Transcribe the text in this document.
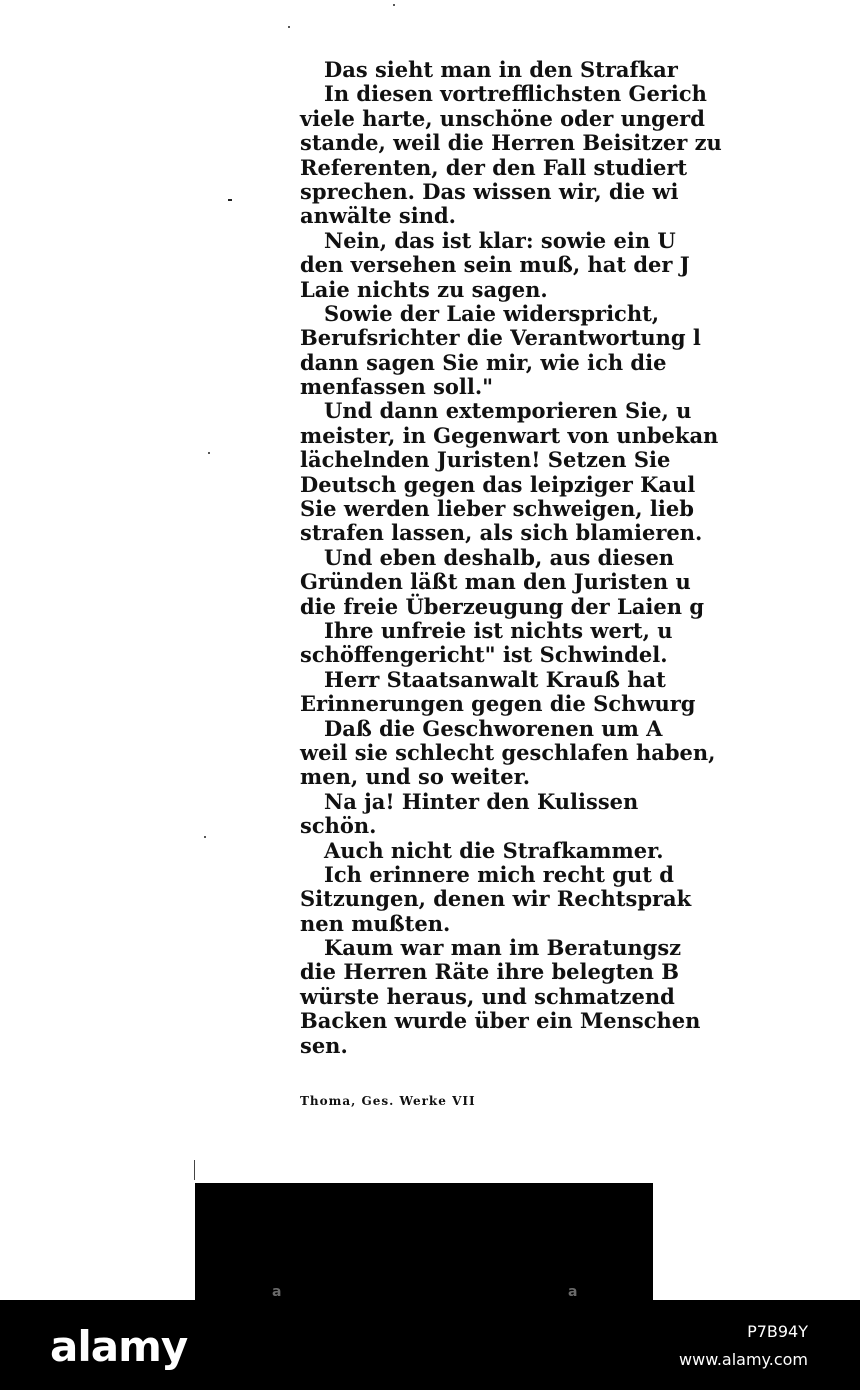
Das sieht man in den Strafkar
In diesen vortrefflichsten Gerich
viele harte, unschöne oder ungerd
stande, weil die Herren Beisitzer zu
Referenten, der den Fall studiert
sprechen. Das wissen wir, die wi
anwälte sind.
Nein, das ist klar: sowie ein U
den versehen sein muß, hat der J
Laie nichts zu sagen.
Sowie der Laie widerspricht,
Berufsrichter die Verantwortung l
dann sagen Sie mir, wie ich die
menfassen soll."
Und dann extemporieren Sie, u
meister, in Gegenwart von unbekan
lächelnden Juristen! Setzen Sie
Deutsch gegen das leipziger Kaul
Sie werden lieber schweigen, lieb
strafen lassen, als sich blamieren.
Und eben deshalb, aus diesen
Gründen läßt man den Juristen u
die freie Überzeugung der Laien g
Ihre unfreie ist nichts wert, u
schöffengericht" ist Schwindel.
Herr Staatsanwalt Krauß hat
Erinnerungen gegen die Schwurg
Daß die Geschworenen um A
weil sie schlecht geschlafen haben,
men, und so weiter.
Na ja! Hinter den Kulissen
schön.
Auch nicht die Strafkammer.
Ich erinnere mich recht gut d
Sitzungen, denen wir Rechtsprak
nen mußten.
Kaum war man im Beratungsz
die Herren Räte ihre belegten B
würste heraus, und schmatzend
Backen wurde über ein Menschen
sen.
Thoma, Ges. Werke VII
a	a
alamy	P7B94Y
www.alamy.com
